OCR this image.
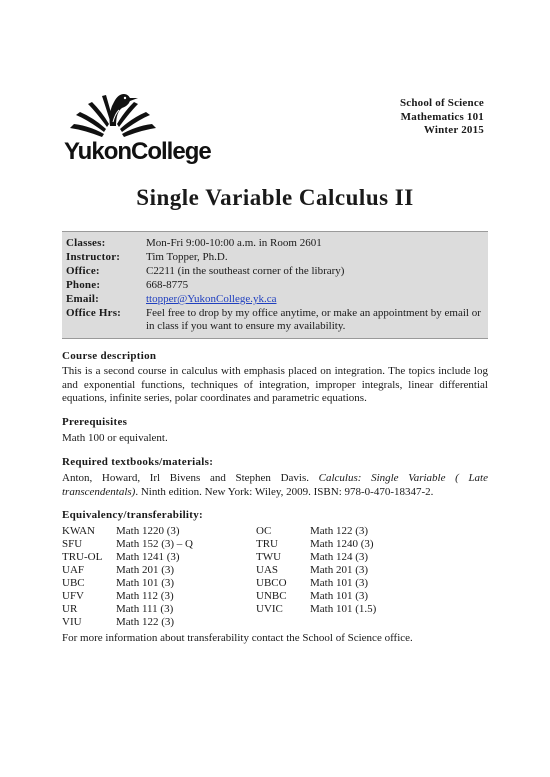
YukonCollege
School of Science
Mathematics 101
Winter 2015
Single Variable Calculus II
Classes:	Mon-Fri 9:00-10:00 a.m. in Room 2601
Instructor: Tim Topper, Ph.D.
Office:	C2211 (in the southeast corner of the library)
Phone:	668-8775
Email:	ttopper@YukonCollege.yk.ca
Office Hrs: Feel free to drop by my office anytime, or make an appointment by email or in class if you want to ensure my availability.
Course description
This is a second course in calculus with emphasis placed on integration. The topics include log and exponential functions, techniques of integration, improper integrals, linear differential equations, infinite series, polar coordinates and parametric equations.
Prerequisites
Math 100 or equivalent.
Required textbooks/materials:
Anton, Howard, Irl Bivens and Stephen Davis. Calculus: Single Variable ( Late transcendentals). Ninth edition. New York: Wiley, 2009. ISBN: 978-0-470-18347-2.
Equivalency/transferability:
KWAN Math 1220 (3)	OC	Math 122 (3)
SFU	Math 152 (3) – Q	TRU	Math 1240 (3)
TRU-OL Math 1241 (3)	TWU	Math 124 (3)
UAF	Math 201 (3)	UAS	Math 201 (3)
UBC	Math 101 (3)	UBCO Math 101 (3)
UFV	Math 112 (3)	UNBC Math 101 (3)
UR	Math 111 (3)	UVIC Math 101 (1.5)
VIU	Math 122 (3)
For more information about transferability contact the School of Science office.
